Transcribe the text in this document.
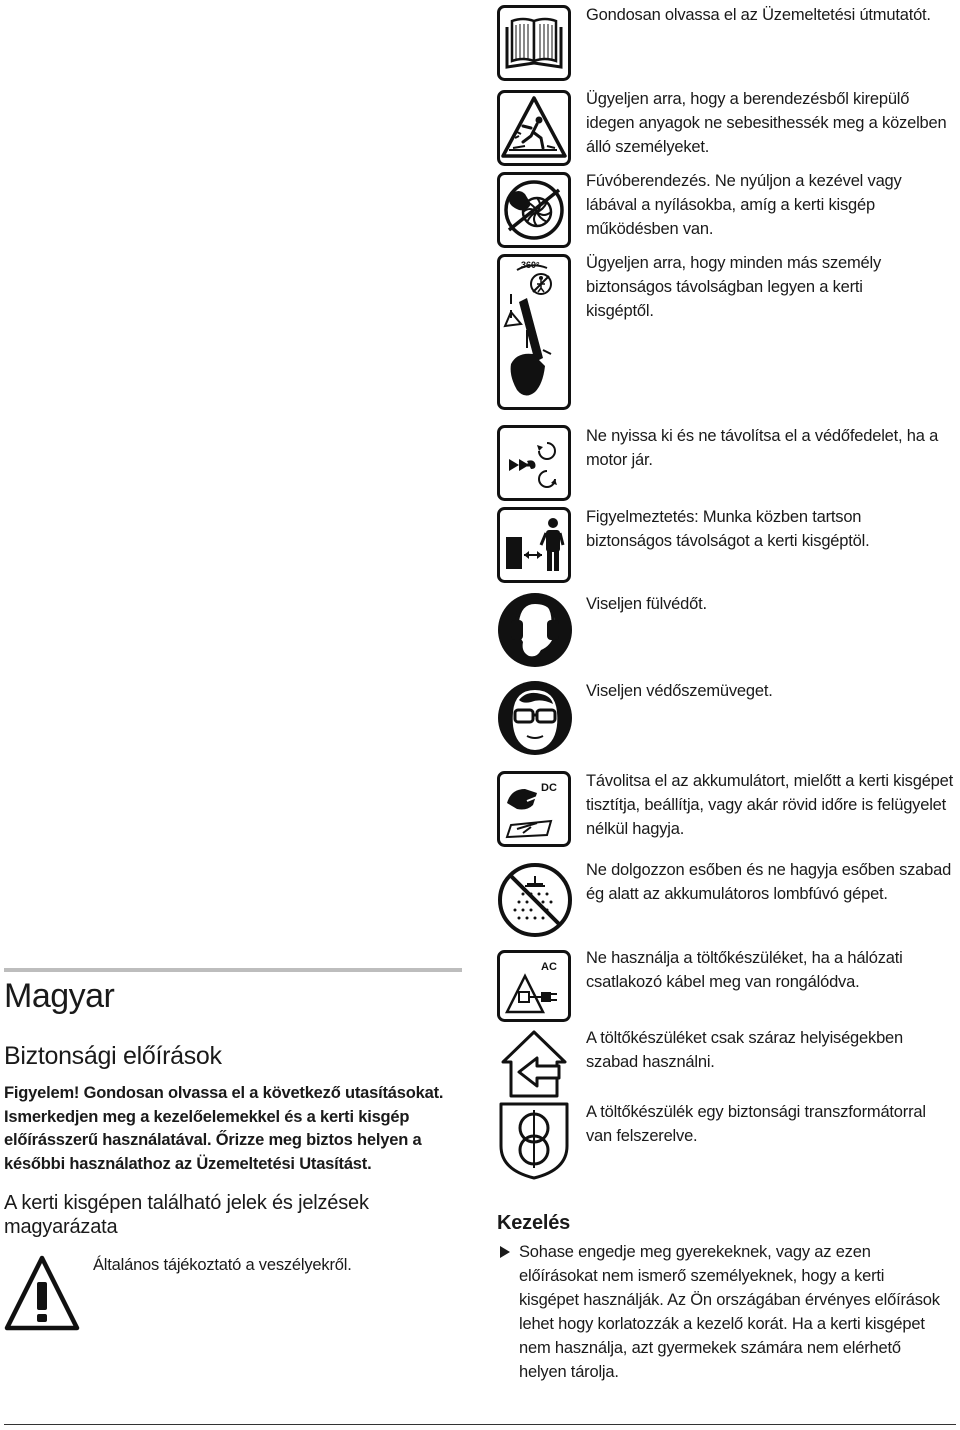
Gondosan olvassa el az Üzemeltetési útmutatót.
Ügyeljen arra, hogy a berendezésből kirepülő idegen anyagok ne sebesithessék meg a közelben álló személyeket.
Fúvóberendezés. Ne nyúljon a kezével vagy lábával a nyílásokba, amíg a kerti kisgép működésben van.
360°	Ügyeljen arra, hogy minden más személy biztonságos távolságban legyen a kerti kisgéptől.
Ne nyissa ki és ne távolítsa el a védőfedelet, ha a motor jár.
Figyelmeztetés: Munka közben tartson biztonságos távolságot a kerti kisgéptöl.
Viseljen fülvédőt.
Viseljen védőszemüveget.
DC Távolitsa el az akkumulátort, mielőtt a kerti kisgépet tisztítja, beállítja, vagy akár rövid időre is felügyelet nélkül hagyja.
Ne dolgozzon esőben és ne hagyja esőben szabad ég alatt az akkumulátoros lombfúvó gépet.
AC Ne használja a töltőkészüléket, ha a hálózati csatlakozó kábel meg van rongálódva.
A töltőkészüléket csak száraz helyiségekben szabad használni.
A töltőkészülék egy biztonsági transzformátorral van felszerelve.
Magyar
Biztonsági előírások
Figyelem! Gondosan olvassa el a következő utasításokat.
Ismerkedjen meg a kezelőelemekkel és a kerti kisgép
előírásszerű használatával. Őrizze meg biztos helyen a
későbbi használathoz az Üzemeltetési Utasítást.
A kerti kisgépen található jelek és jelzések
magyarázata
Általános tájékoztató a veszélyekről.
Kezelés
Sohase engedje meg gyerekeknek, vagy az ezen
előírásokat nem ismerő személyeknek, hogy a kerti
kisgépet használják. Az Ön országában érvényes előírások
lehet hogy korlatozzák a kezelő korát. Ha a kerti kisgépet
nem használja, azt gyermekek számára nem elérhető
helyen tárolja.
